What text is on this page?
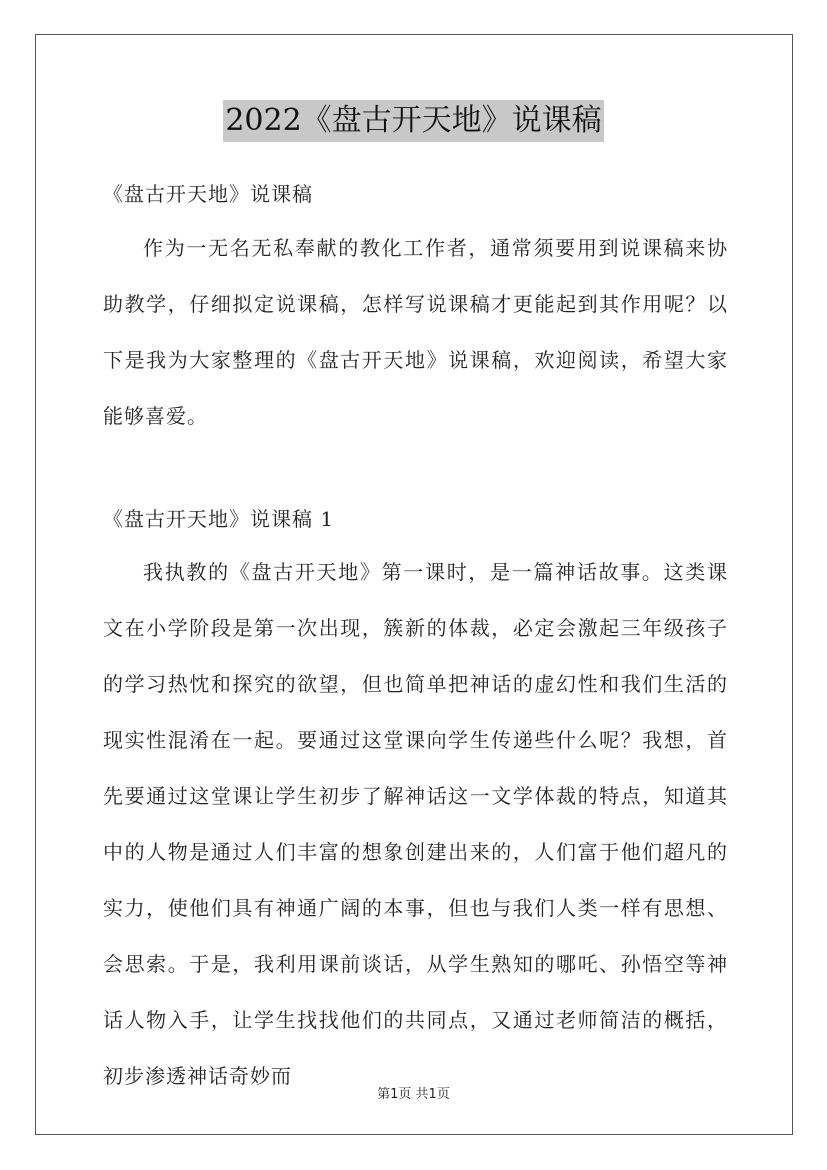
2022《盘古开天地》说课稿
《盘古开天地》说课稿
作为一无名无私奉献的教化工作者，通常须要用到说课稿来协助教学，仔细拟定说课稿，怎样写说课稿才更能起到其作用呢？以下是我为大家整理的《盘古开天地》说课稿，欢迎阅读，希望大家能够喜爱。
《盘古开天地》说课稿 1
我执教的《盘古开天地》第一课时，是一篇神话故事。这类课文在小学阶段是第一次出现，簇新的体裁，必定会激起三年级孩子的学习热忱和探究的欲望，但也简单把神话的虚幻性和我们生活的现实性混淆在一起。要通过这堂课向学生传递些什么呢？我想，首先要通过这堂课让学生初步了解神话这一文学体裁的特点，知道其中的人物是通过人们丰富的想象创建出来的，人们富于他们超凡的实力，使他们具有神通广阔的本事，但也与我们人类一样有思想、会思索。于是，我利用课前谈话，从学生熟知的哪吒、孙悟空等神话人物入手，让学生找找他们的共同点，又通过老师简洁的概括，初步渗透神话奇妙而
第1页 共1页
